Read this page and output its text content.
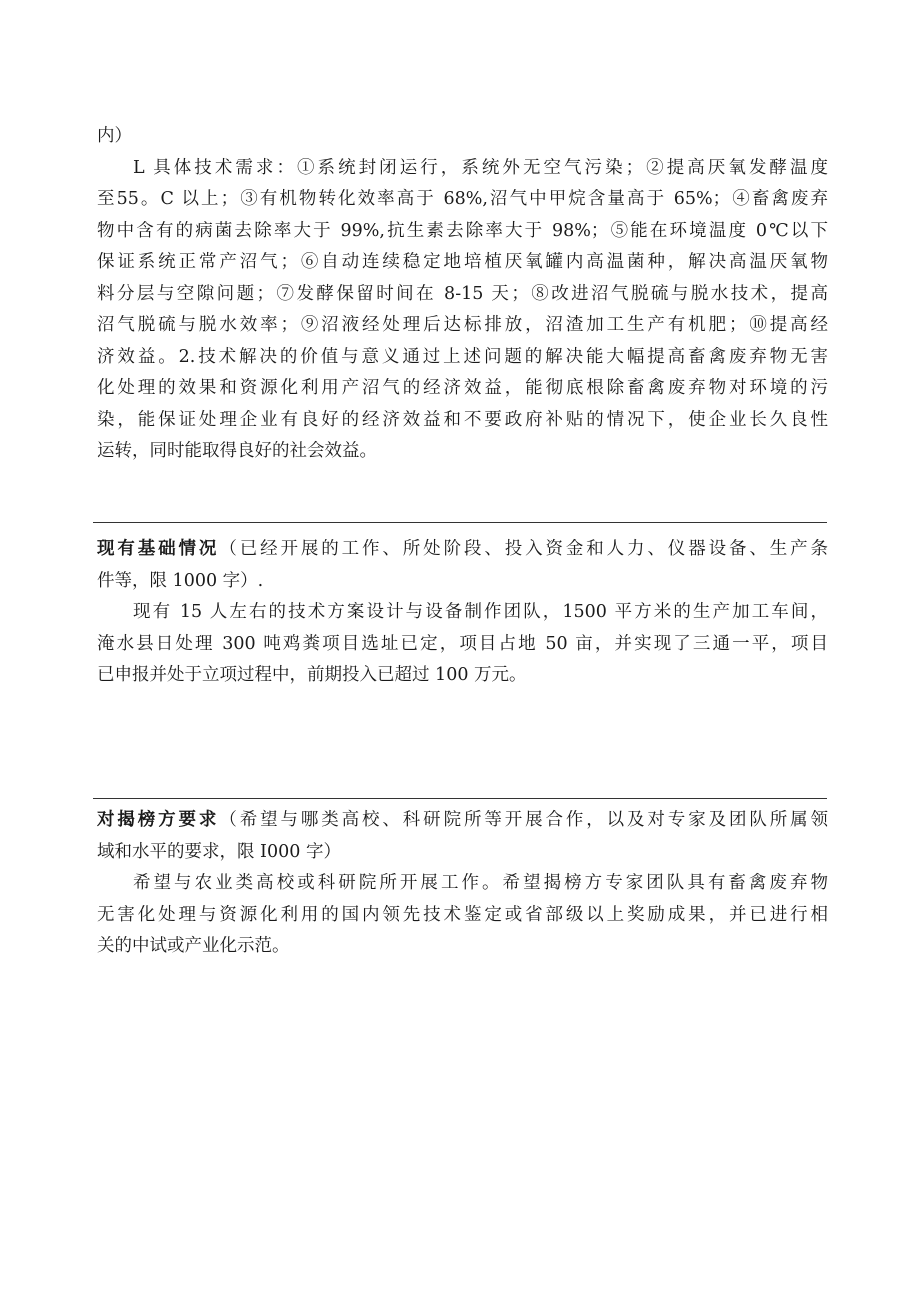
内）
L 具体技术需求：①系统封闭运行，系统外无空气污染；②提高厌氧发酵温度
至55。C 以上；③有机物转化效率高于 68%,沼气中甲烷含量高于 65%；④畜禽废弃
物中含有的病菌去除率大于 99%,抗生素去除率大于 98%；⑤能在环境温度 0℃以下
保证系统正常产沼气；⑥自动连续稳定地培植厌氧罐内高温菌种，解决高温厌氧物
料分层与空隙问题；⑦发酵保留时间在 8-15 天；⑧改进沼气脱硫与脱水技术，提高
沼气脱硫与脱水效率；⑨沼液经处理后达标排放，沼渣加工生产有机肥；⑩提高经
济效益。2.技术解决的价值与意义通过上述问题的解决能大幅提高畜禽废弃物无害
化处理的效果和资源化利用产沼气的经济效益，能彻底根除畜禽废弃物对环境的污
染，能保证处理企业有良好的经济效益和不要政府补贴的情况下，使企业长久良性
运转，同时能取得良好的社会效益。
现有基础情况（已经开展的工作、所处阶段、投入资金和人力、仪器设备、生产条
件等，限 1000 字）.
现有 15 人左右的技术方案设计与设备制作团队，1500 平方米的生产加工车间，
淹水县日处理 300 吨鸡粪项目选址已定，项目占地 50 亩，并实现了三通一平，项目
已申报并处于立项过程中，前期投入已超过 100 万元。
对揭榜方要求（希望与哪类高校、科研院所等开展合作，以及对专家及团队所属领
域和水平的要求，限 I000 字）
希望与农业类高校或科研院所开展工作。希望揭榜方专家团队具有畜禽废弃物
无害化处理与资源化利用的国内领先技术鉴定或省部级以上奖励成果，并已进行相
关的中试或产业化示范。
